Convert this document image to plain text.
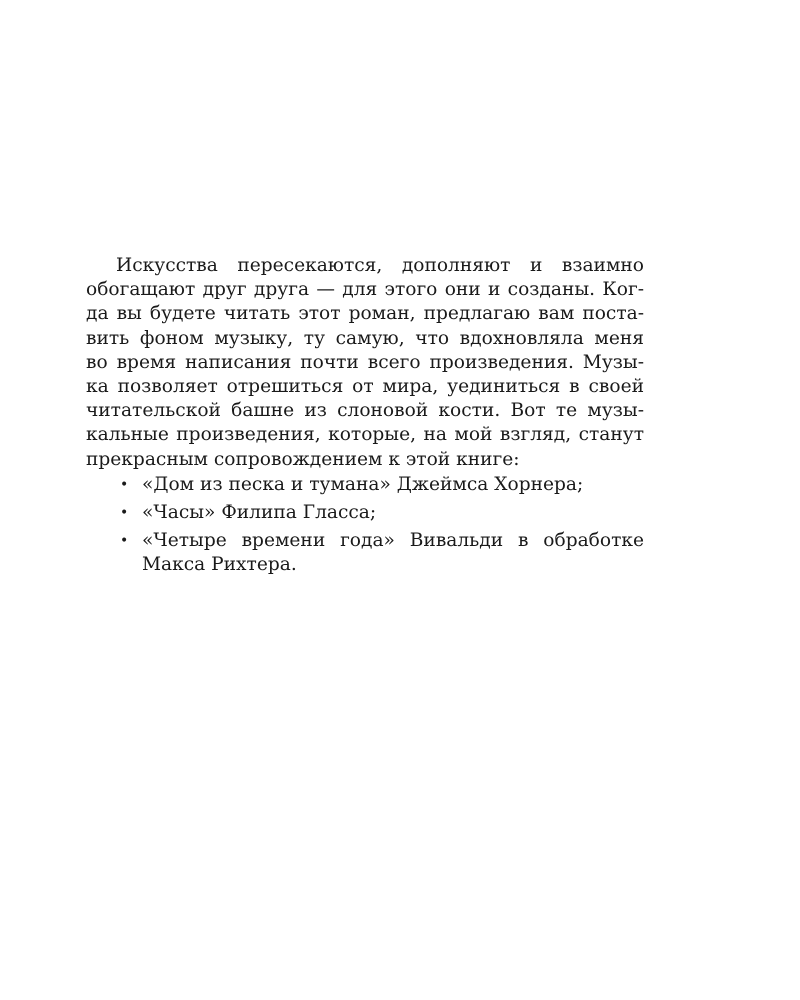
Искусства пересекаются, дополняют и взаимно
обогащают друг друга — для этого они и созданы. Ког-
да вы будете читать этот роман, предлагаю вам поста-
вить фоном музыку, ту самую, что вдохновляла меня
во время написания почти всего произведения. Музы-
ка позволяет отрешиться от мира, уединиться в своей
читательской башне из слоновой кости. Вот те музы-
кальные произведения, которые, на мой взгляд, станут
прекрасным сопровождением к этой книге:
• «Дом из песка и тумана» Джеймса Хорнера;
• «Часы» Филипа Гласса;
• «Четыре времени года» Вивальди в обработке
Макса Рихтера.
